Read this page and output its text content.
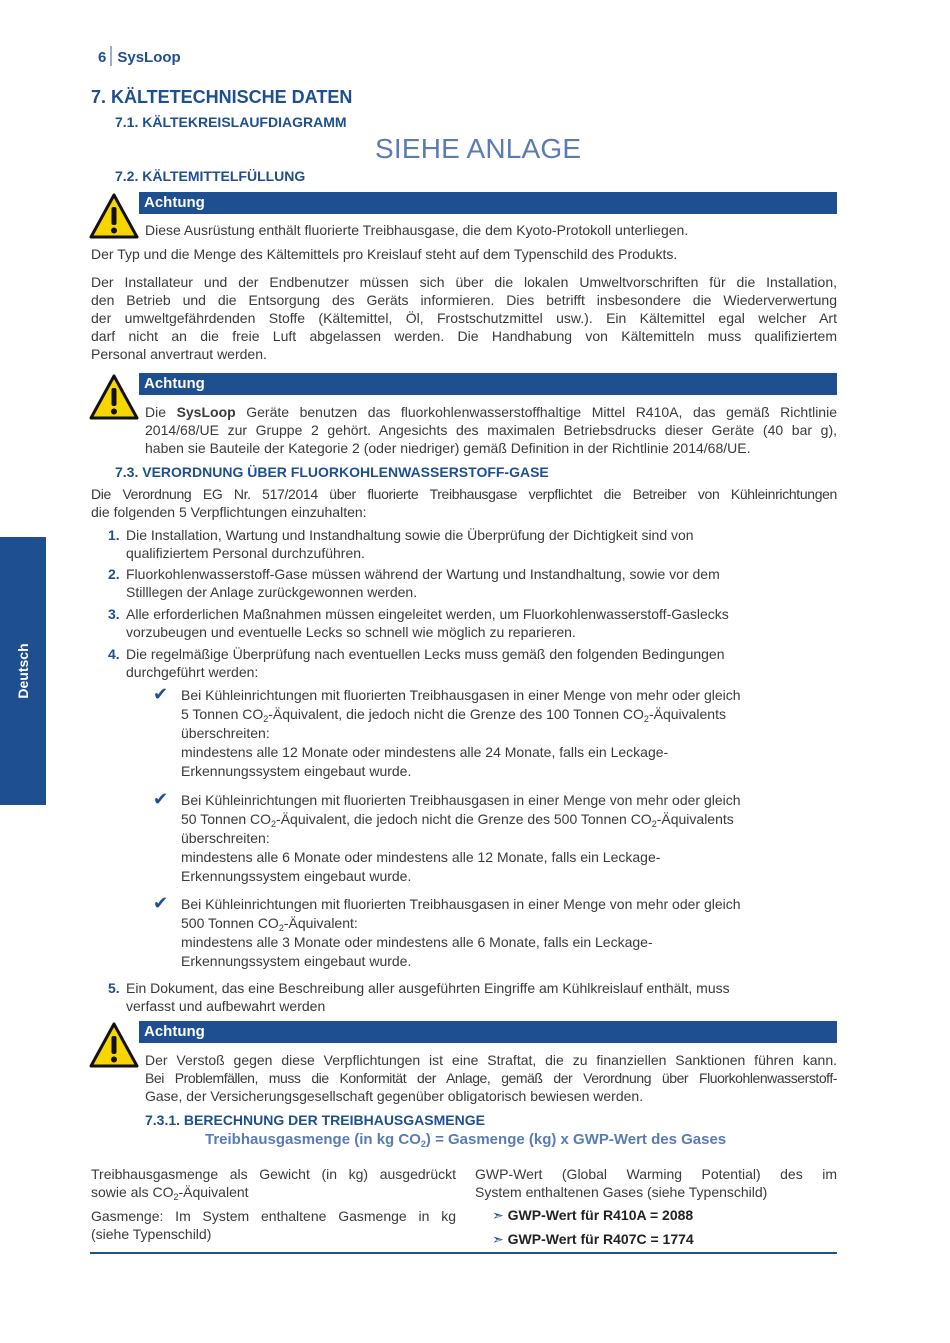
6 SysLoop
Deutsch
7. KÄLTETECHNISCHE DATEN
7.1. KÄLTEKREISLAUFDIAGRAMM
SIEHE ANLAGE
7.2. KÄLTEMITTELFÜLLUNG
Achtung
Diese Ausrüstung enthält fluorierte Treibhausgase, die dem Kyoto-Protokoll unterliegen.
Der Typ und die Menge des Kältemittels pro Kreislauf steht auf dem Typenschild des Produkts.
Der Installateur und der Endbenutzer müssen sich über die lokalen Umweltvorschriften für die Installation,
den Betrieb und die Entsorgung des Geräts informieren. Dies betrifft insbesondere die Wiederverwertung
der umweltgefährdenden Stoffe (Kältemittel, Öl, Frostschutzmittel usw.). Ein Kältemittel egal welcher Art
darf nicht an die freie Luft abgelassen werden. Die Handhabung von Kältemitteln muss qualifiziertem
Personal anvertraut werden.
Achtung
Die SysLoop Geräte benutzen das fluorkohlenwasserstoffhaltige Mittel R410A, das gemäß Richtlinie
2014/68/UE zur Gruppe 2 gehört. Angesichts des maximalen Betriebsdrucks dieser Geräte (40 bar g),
haben sie Bauteile der Kategorie 2 (oder niedriger) gemäß Definition in der Richtlinie 2014/68/UE.
7.3. VERORDNUNG ÜBER FLUORKOHLENWASSERSTOFF-GASE
Die Verordnung EG Nr. 517/2014 über fluorierte Treibhausgase verpflichtet die Betreiber von Kühleinrichtungen
die folgenden 5 Verpflichtungen einzuhalten:
1. Die Installation, Wartung und Instandhaltung sowie die Überprüfung der Dichtigkeit sind von
qualifiziertem Personal durchzuführen.
2. Fluorkohlenwasserstoff-Gase müssen während der Wartung und Instandhaltung, sowie vor dem
Stilllegen der Anlage zurückgewonnen werden.
3. Alle erforderlichen Maßnahmen müssen eingeleitet werden, um Fluorkohlenwasserstoff-Gaslecks
vorzubeugen und eventuelle Lecks so schnell wie möglich zu reparieren.
4. Die regelmäßige Überprüfung nach eventuellen Lecks muss gemäß den folgenden Bedingungen
durchgeführt werden:
✔ Bei Kühleinrichtungen mit fluorierten Treibhausgasen in einer Menge von mehr oder gleich
5 Tonnen $CO_2$-Äquivalent, die jedoch nicht die Grenze des 100 Tonnen $CO_2$-Äquivalents
überschreiten:
mindestens alle 12 Monate oder mindestens alle 24 Monate, falls ein Leckage-
Erkennungssystem eingebaut wurde.
✔ Bei Kühleinrichtungen mit fluorierten Treibhausgasen in einer Menge von mehr oder gleich
50 Tonnen $CO_2$-Äquivalent, die jedoch nicht die Grenze des 500 Tonnen $CO_2$-Äquivalents
überschreiten:
mindestens alle 6 Monate oder mindestens alle 12 Monate, falls ein Leckage-
Erkennungssystem eingebaut wurde.
✔ Bei Kühleinrichtungen mit fluorierten Treibhausgasen in einer Menge von mehr oder gleich
500 Tonnen $CO_2$-Äquivalent:
mindestens alle 3 Monate oder mindestens alle 6 Monate, falls ein Leckage-
Erkennungssystem eingebaut wurde.
5. Ein Dokument, das eine Beschreibung aller ausgeführten Eingriffe am Kühlkreislauf enthält, muss
verfasst und aufbewahrt werden
Achtung
Der Verstoß gegen diese Verpflichtungen ist eine Straftat, die zu finanziellen Sanktionen führen kann.
Bei Problemfällen, muss die Konformität der Anlage, gemäß der Verordnung über Fluorkohlenwasserstoff-
Gase, der Versicherungsgesellschaft gegenüber obligatorisch bewiesen werden.
7.3.1. BERECHNUNG DER TREIBHAUSGASMENGE
Treibhausgasmenge (in kg $CO_2$) = Gasmenge (kg) x GWP-Wert des Gases
Treibhausgasmenge als Gewicht (in kg) ausgedrückt
sowie als $CO_2$-Äquivalent
Gasmenge: Im System enthaltene Gasmenge in kg
(siehe Typenschild)
GWP-Wert (Global Warming Potential) des im
System enthaltenen Gases (siehe Typenschild)
➣ GWP-Wert für R410A = 2088
➣ GWP-Wert für R407C = 1774
